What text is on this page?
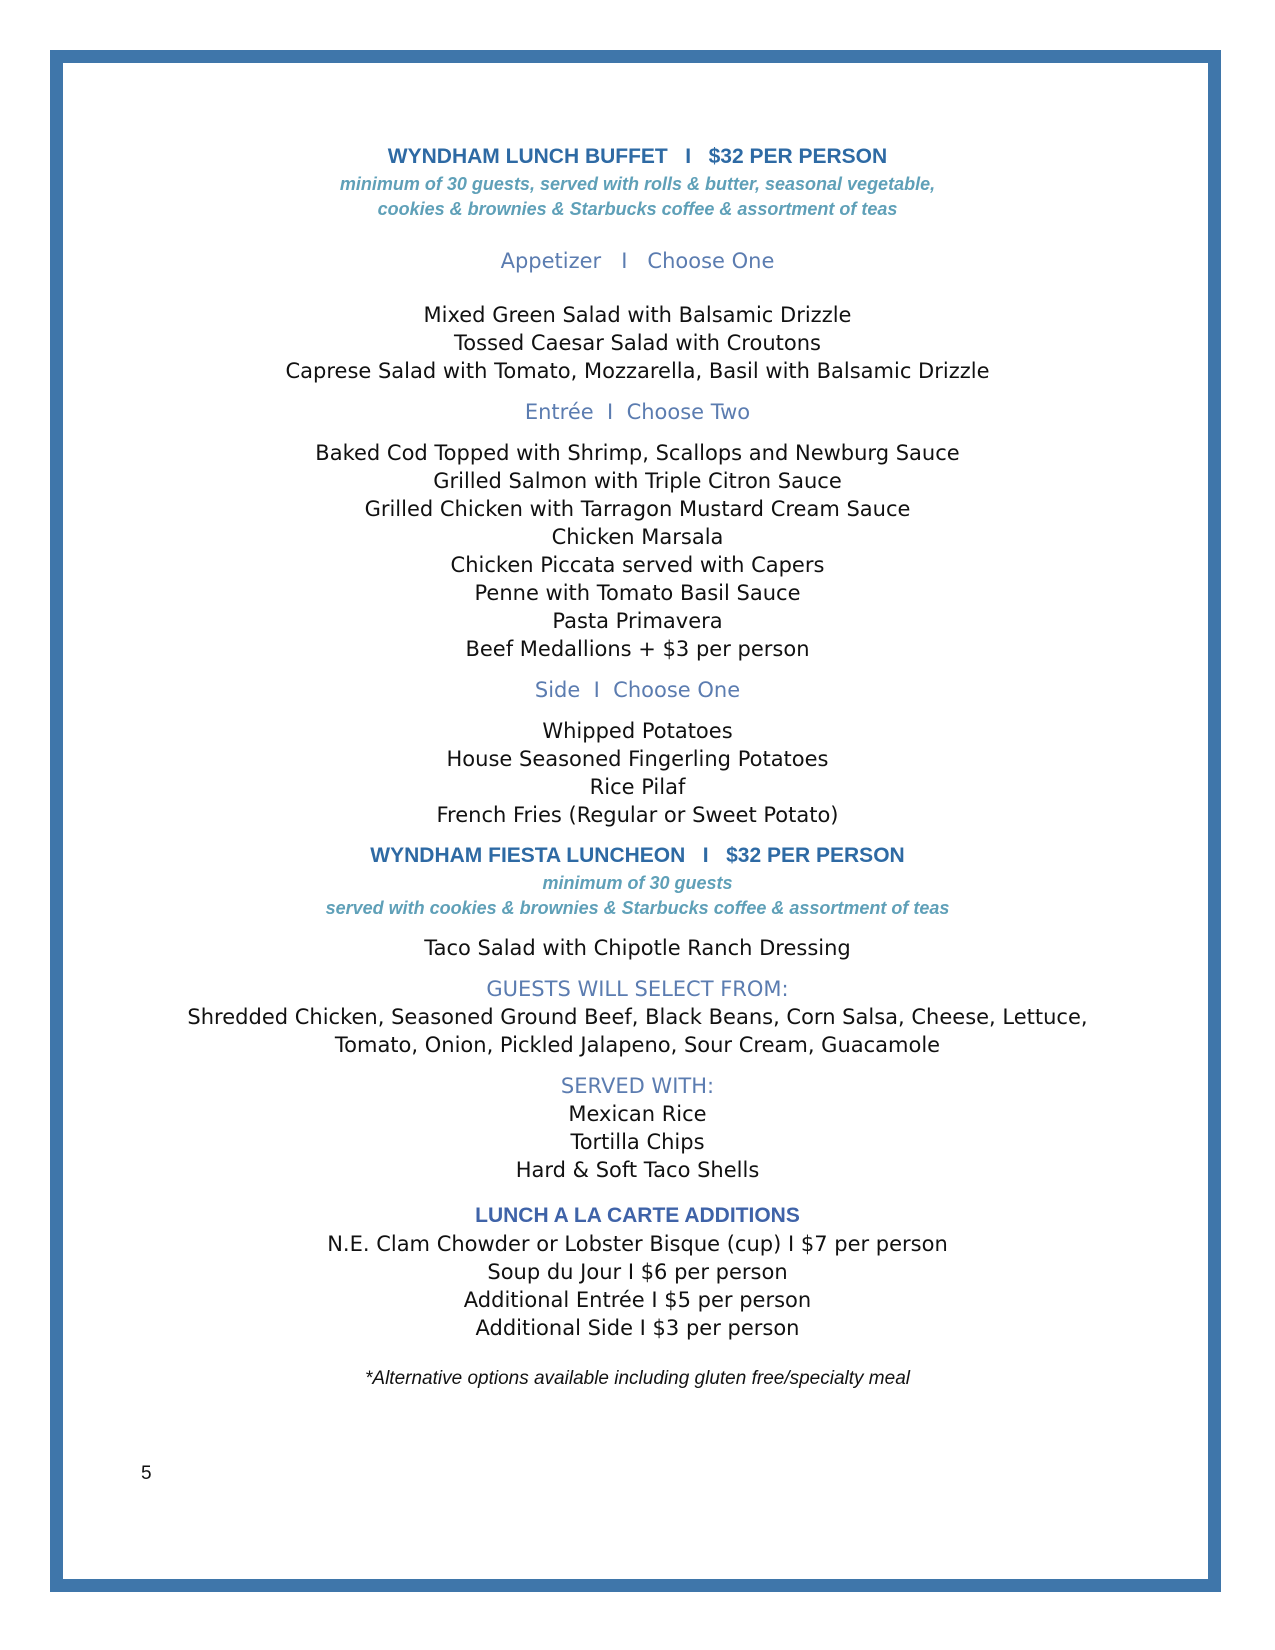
WYNDHAM LUNCH BUFFET   I   $32 PER PERSON

minimum of 30 guests, served with rolls & butter, seasonal vegetable,

cookies & brownies & Starbucks coffee & assortment of teas

Appetizer   I   Choose One

Mixed Green Salad with Balsamic Drizzle

Tossed Caesar Salad with Croutons

Caprese Salad with Tomato, Mozzarella, Basil with Balsamic Drizzle

Entrée  I  Choose Two

Baked Cod Topped with Shrimp, Scallops and Newburg Sauce

Grilled Salmon with Triple Citron Sauce

Grilled Chicken with Tarragon Mustard Cream Sauce

Chicken Marsala

Chicken Piccata served with Capers

Penne with Tomato Basil Sauce

Pasta Primavera

Beef Medallions + $3 per person

Side  I  Choose One

Whipped Potatoes

House Seasoned Fingerling Potatoes

Rice Pilaf

French Fries (Regular or Sweet Potato)

WYNDHAM FIESTA LUNCHEON   I   $32 PER PERSON

minimum of 30 guests

served with cookies & brownies & Starbucks coffee & assortment of teas

Taco Salad with Chipotle Ranch Dressing

GUESTS WILL SELECT FROM:

Shredded Chicken, Seasoned Ground Beef, Black Beans, Corn Salsa, Cheese, Lettuce,

Tomato, Onion, Pickled Jalapeno, Sour Cream, Guacamole

SERVED WITH:

Mexican Rice

Tortilla Chips

Hard & Soft Taco Shells

LUNCH A LA CARTE ADDITIONS

N.E. Clam Chowder or Lobster Bisque (cup) I $7 per person

Soup du Jour I $6 per person

Additional Entrée I $5 per person

Additional Side I $3 per person

*Alternative options available including gluten free/specialty meal

5
